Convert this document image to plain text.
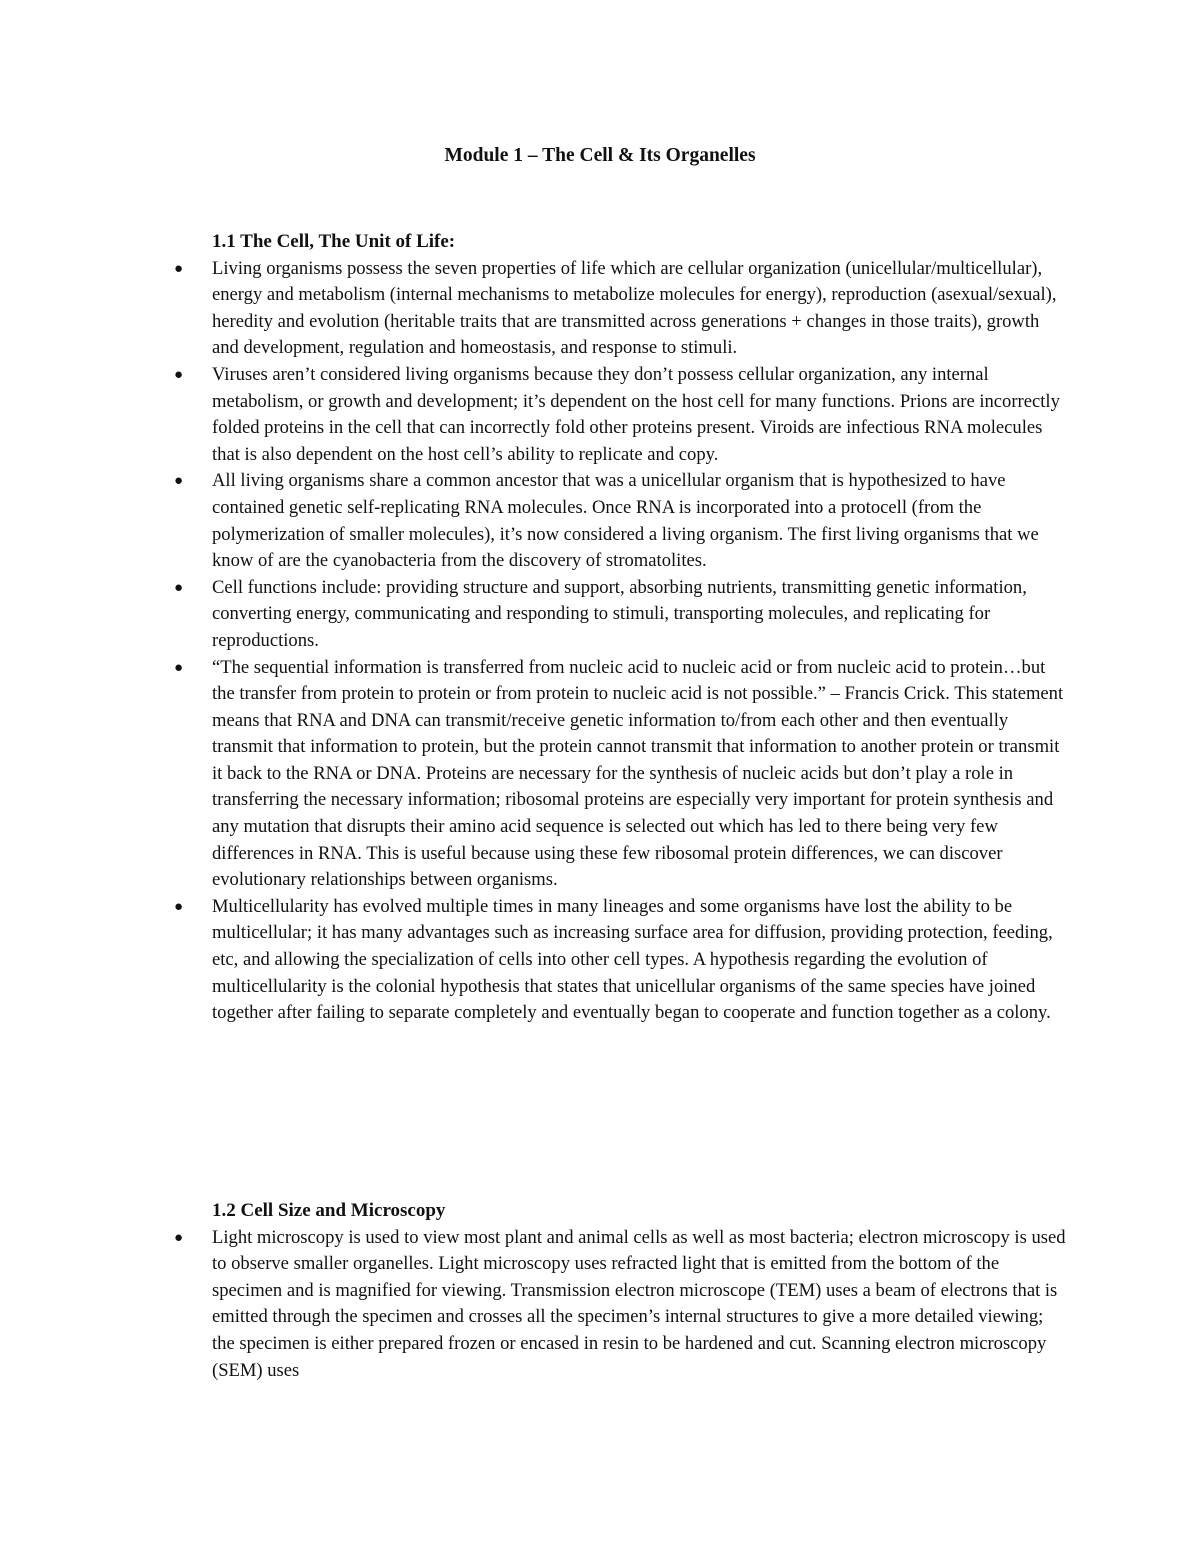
Module 1 – The Cell & Its Organelles
1.1 The Cell, The Unit of Life:
● Living organisms possess the seven properties of life which are cellular organization (unicellular/multicellular), energy and metabolism (internal mechanisms to metabolize molecules for energy), reproduction (asexual/sexual), heredity and evolution (heritable traits that are transmitted across generations + changes in those traits), growth and development, regulation and homeostasis, and response to stimuli.
● Viruses aren’t considered living organisms because they don’t possess cellular organization, any internal metabolism, or growth and development; it’s dependent on the host cell for many functions. Prions are incorrectly folded proteins in the cell that can incorrectly fold other proteins present. Viroids are infectious RNA molecules that is also dependent on the host cell’s ability to replicate and copy.
● All living organisms share a common ancestor that was a unicellular organism that is hypothesized to have contained genetic self-replicating RNA molecules. Once RNA is incorporated into a protocell (from the polymerization of smaller molecules), it’s now considered a living organism. The first living organisms that we know of are the cyanobacteria from the discovery of stromatolites.
● Cell functions include: providing structure and support, absorbing nutrients, transmitting genetic information, converting energy, communicating and responding to stimuli, transporting molecules, and replicating for reproductions.
● “The sequential information is transferred from nucleic acid to nucleic acid or from nucleic acid to protein…but the transfer from protein to protein or from protein to nucleic acid is not possible.” – Francis Crick. This statement means that RNA and DNA can transmit/receive genetic information to/from each other and then eventually transmit that information to protein, but the protein cannot transmit that information to another protein or transmit it back to the RNA or DNA. Proteins are necessary for the synthesis of nucleic acids but don’t play a role in transferring the necessary information; ribosomal proteins are especially very important for protein synthesis and any mutation that disrupts their amino acid sequence is selected out which has led to there being very few differences in RNA. This is useful because using these few ribosomal protein differences, we can discover evolutionary relationships between organisms.
● Multicellularity has evolved multiple times in many lineages and some organisms have lost the ability to be multicellular; it has many advantages such as increasing surface area for diffusion, providing protection, feeding, etc, and allowing the specialization of cells into other cell types. A hypothesis regarding the evolution of multicellularity is the colonial hypothesis that states that unicellular organisms of the same species have joined together after failing to separate completely and eventually began to cooperate and function together as a colony.
1.2 Cell Size and Microscopy
● Light microscopy is used to view most plant and animal cells as well as most bacteria; electron microscopy is used to observe smaller organelles. Light microscopy uses refracted light that is emitted from the bottom of the specimen and is magnified for viewing. Transmission electron microscope (TEM) uses a beam of electrons that is emitted through the specimen and crosses all the specimen’s internal structures to give a more detailed viewing; the specimen is either prepared frozen or encased in resin to be hardened and cut. Scanning electron microscopy (SEM) uses
